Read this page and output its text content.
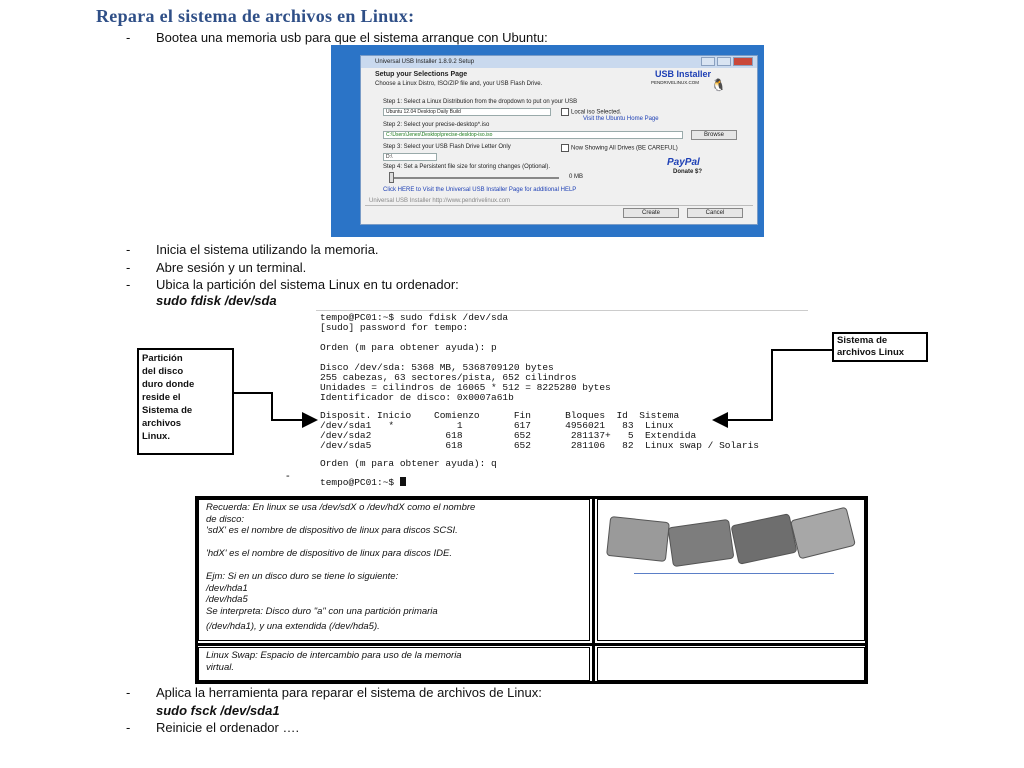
Repara el sistema de archivos en Linux:
- Bootea una memoria usb para que el sistema arranque con Ubuntu:
Universal USB Installer 1.8.9.2 Setup
Setup your Selections Page
Choose a Linux Distro, ISO/ZIP file and, your USB Flash Drive.
USB Installer
PENDRIVELINUX.COM 🐧
Step 1: Select a Linux Distribution from the dropdown to put on your USB
Ubuntu 12.04 Desktop Daily Build	Local iso Selected.
Visit the Ubuntu Home Page
Step 2: Select your precise-desktop*.iso
C:\Users\Jenes\Desktop\precise-desktop-iso.iso	Browse
Step 3: Select your USB Flash Drive Letter Only	Now Showing All Drives (BE CAREFUL)
D:\
Step 4: Set a Persistent file size for storing changes (Optional).
0 MB
PayPal
Donate $?
Click HERE to Visit the Universal USB Installer Page for additional HELP
Universal USB Installer http://www.pendrivelinux.com
Create	Cancel
- Inicia el sistema utilizando la memoria.
- Abre sesión y un terminal.
- Ubica la partición del sistema Linux en tu ordenador:
sudo fdisk /dev/sda
tempo@PC01:~$ sudo fdisk /dev/sda
[sudo] password for tempo:
Orden (m para obtener ayuda): p
Disco /dev/sda: 5368 MB, 5368709120 bytes
255 cabezas, 63 sectores/pista, 652 cilindros
Unidades = cilindros de 16065 * 512 = 8225280 bytes
Identificador de disco: 0x0007a61b
Disposit. Inicio    Comienzo      Fin      Bloques  Id  Sistema
/dev/sda1   *           1         617      4956021   83  Linux
/dev/sda2             618         652       281137+   5  Extendida
/dev/sda5             618         652       281106   82  Linux swap / Solaris
Orden (m para obtener ayuda): q
tempo@PC01:~$
-
Partición
del disco
duro donde
reside el
Sistema de
archivos
Linux.
Sistema de
archivos Linux
Recuerda: En linux se usa /dev/sdX o /dev/hdX como el nombre
de disco:
'sdX' es el nombre de dispositivo de linux para discos SCSI.
'hdX' es el nombre de dispositivo de linux para discos IDE.
Ejm: Si en un disco duro se tiene lo siguiente:
/dev/hda1
/dev/hda5
Se interpreta: Disco duro "a" con una partición primaria
(/dev/hda1), y una extendida (/dev/hda5).
Linux Swap: Espacio de intercambio para uso de la memoria
virtual.
- Aplica la herramienta para reparar el sistema de archivos de Linux:
sudo fsck /dev/sda1
- Reinicie el ordenador ….
